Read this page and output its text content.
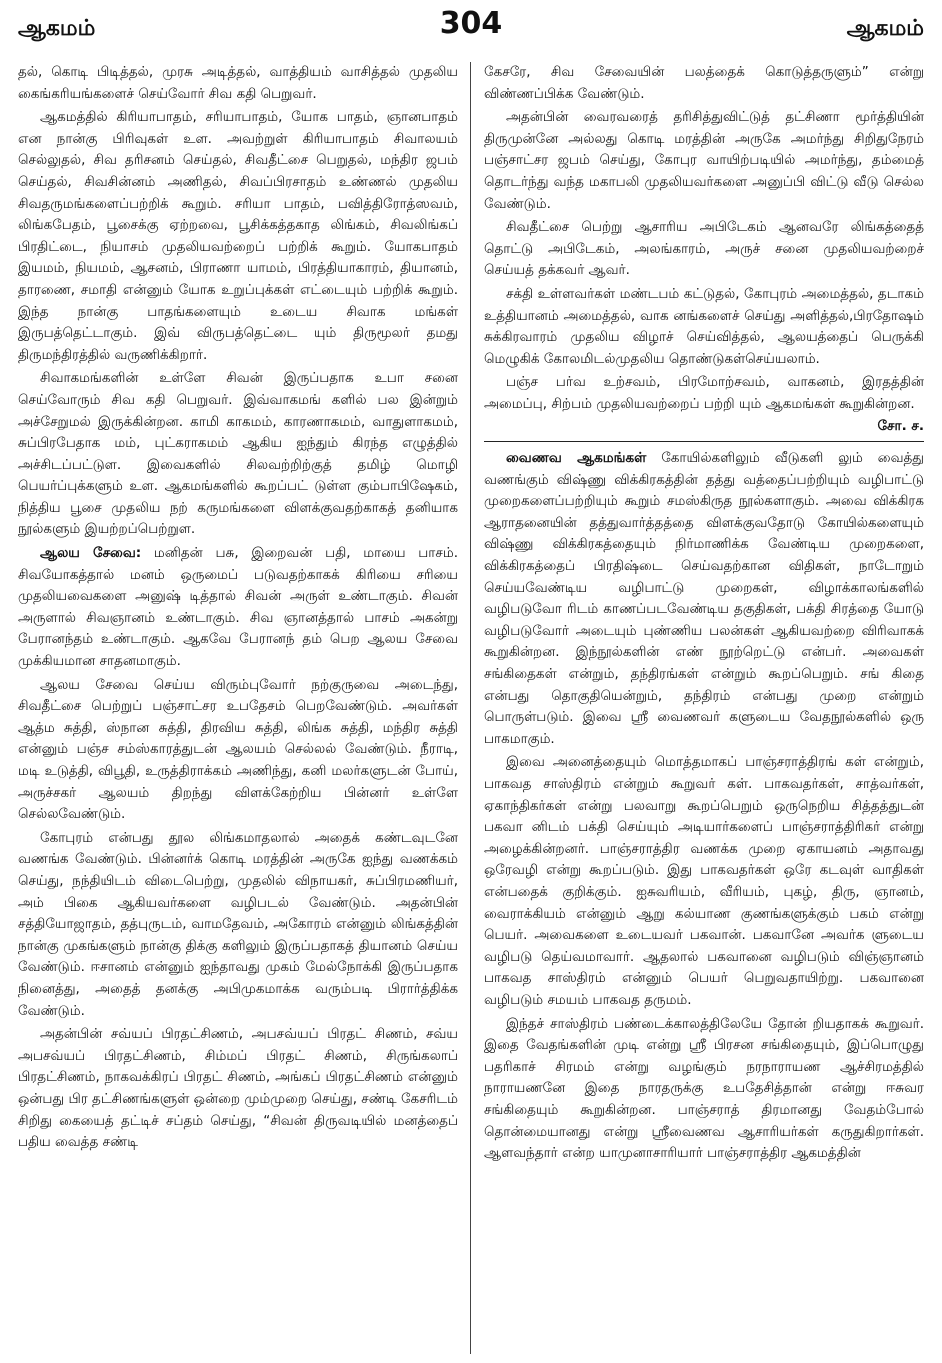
ஆகமம்	304	ஆகமம்

தல், கொடி பிடித்தல், முரசு அடித்தல், வாத்தியம் வாசித்தல் முதலிய கைங்கரியங்களைச் செய்வோர் சிவ கதி பெறுவர்.

ஆகமத்தில் கிரியாபாதம், சரியாபாதம், யோக பாதம், ஞானபாதம் என நான்கு பிரிவுகள் உள. அவற்றுள் கிரியாபாதம் சிவாலயம் செல்லுதல், சிவ தரிசனம் செய்தல், சிவதீட்சை பெறுதல், மந்திர ஜபம் செய்தல், சிவசின்னம் அணிதல், சிவப்பிரசாதம் உண்ணல் முதலிய சிவதருமங்களைப்பற்றிக் கூறும். சரியா பாதம், பவித்திரோத்ஸவம், லிங்கபேதம், பூசைக்கு ஏற்றவை, பூசிக்கத்தகாத லிங்கம், சிவலிங்கப் பிரதிட்டை, நியாசம் முதலியவற்றைப் பற்றிக் கூறும். யோகபாதம் இயமம், நியமம், ஆசனம், பிராணா யாமம், பிரத்தியாகாரம், தியானம், தாரணை, சமாதி என்னும் யோக உறுப்புக்கள் எட்டையும் பற்றிக் கூறும். இந்த நான்கு பாதங்களையும் உடைய சிவாக மங்கள் இருபத்தெட்டாகும். இவ் விருபத்தெட்டை யும் திருமூலர் தமது திருமந்திரத்தில் வருணிக்கிறார்.

சிவாகமங்களின் உள்ளே சிவன் இருப்பதாக உபா சனை செய்வோரும் சிவ கதி பெறுவர். இவ்வாகமங் களில் பல இன்றும் அச்சேறுமல் இருக்கின்றன. காமி காகமம், காரணாகமம், வாதுளாகமம், சுப்பிரபேதாக மம், புட்கராகமம் ஆகிய ஐந்தும் கிரந்த எழுத்தில் அச்சிடப்பட்டுள. இவைகளில் சிலவற்றிற்குத் தமிழ் மொழி பெயர்ப்புக்களும் உள. ஆகமங்களில் கூறப்பட் டுள்ள கும்பாபிஷேகம், நித்திய பூசை முதலிய நற் கருமங்களை விளக்குவதற்காகத் தனியாக நூல்களும் இயற்றப்பெற்றுள.

ஆலய சேவை: மனிதன் பசு, இறைவன் பதி, மாயை பாசம். சிவயோகத்தால் மனம் ஒருமைப் படுவதற்காகக் கிரியை சரியை முதலியவைகளை அனுஷ் டித்தால் சிவன் அருள் உண்டாகும். சிவன் அருளால் சிவஞானம் உண்டாகும். சிவ ஞானத்தால் பாசம் அகன்று பேரானந்தம் உண்டாகும். ஆகவே பேரானந் தம் பெற ஆலய சேவை முக்கியமான சாதனமாகும்.

ஆலய சேவை செய்ய விரும்புவோர் நற்குருவை அடைந்து, சிவதீட்சை பெற்றுப் பஞ்சாட்சர உபதேசம் பெறவேண்டும். அவர்கள் ஆத்ம சுத்தி, ஸ்நான சுத்தி, திரவிய சுத்தி, லிங்க சுத்தி, மந்திர சுத்தி என்னும் பஞ்ச சம்ஸ்காரத்துடன் ஆலயம் செல்லல் வேண்டும். நீராடி, மடி உடுத்தி, விபூதி, உருத்திராக்கம் அணிந்து, கனி மலர்களுடன் போய், அருச்சகர் ஆலயம் திறந்து விளக்கேற்றிய பின்னர் உள்ளே செல்லவேண்டும்.

கோபுரம் என்பது தூல லிங்கமாதலால் அதைக் கண்டவுடனே வணங்க வேண்டும். பின்னர்க் கொடி மரத்தின் அருகே ஐந்து வணக்கம் செய்து, நந்தியிடம் விடைபெற்று, முதலில் விநாயகர், சுப்பிரமணியர், அம் பிகை ஆகியவர்களை வழிபடல் வேண்டும். அதன்பின் சத்தியோஜாதம், தத்புருடம், வாமதேவம், அகோரம் என்னும் லிங்கத்தின் நான்கு முகங்களும் நான்கு திக்கு களிலும் இருப்பதாகத் தியானம் செய்ய வேண்டும். ஈசானம் என்னும் ஐந்தாவது முகம் மேல்நோக்கி இருப்பதாக நினைத்து, அதைத் தனக்கு அபிமுகமாக்க வரும்படி பிரார்த்திக்க வேண்டும்.

அதன்பின் சவ்யப் பிரதட்சிணம், அபசவ்யப் பிரதட் சிணம், சவ்ய அபசவ்யப் பிரதட்சிணம், சிம்மப் பிரதட் சிணம், சிருங்கலாப் பிரதட்சிணம், நாகவக்கிரப் பிரதட் சிணம், அங்கப் பிரதட்சிணம் என்னும் ஒன்பது பிர தட்சிணங்களுள் ஒன்றை மும்முறை செய்து, சண்டி கேசரிடம் சிறிது கையைத் தட்டிச் சப்தம் செய்து, “சிவன் திருவடியில் மனத்தைப் பதிய வைத்த சண்டி

கேசரே, சிவ சேவையின் பலத்தைக் கொடுத்தருளும்” என்று விண்ணப்பிக்க வேண்டும்.

அதன்பின் வைரவரைத் தரிசித்துவிட்டுத் தட்சிணா மூர்த்தியின் திருமுன்னே அல்லது கொடி மரத்தின் அருகே அமர்ந்து சிறிதுநேரம் பஞ்சாட்சர ஜபம் செய்து, கோபுர வாயிற்படியில் அமர்ந்து, தம்மைத் தொடர்ந்து வந்த மகாபலி முதலியவர்களை அனுப்பி விட்டு வீடு செல்ல வேண்டும்.

சிவதீட்சை பெற்று ஆசாரிய அபிடேகம் ஆனவரே லிங்கத்தைத் தொட்டு அபிடேகம், அலங்காரம், அருச் சனை முதலியவற்றைச் செய்யத் தக்கவர் ஆவர்.

சக்தி உள்ளவர்கள் மண்டபம் கட்டுதல், கோபுரம் அமைத்தல், தடாகம் உத்தியானம் அமைத்தல், வாக னங்களைச் செய்து அளித்தல்,பிரதோஷம் சுக்கிரவாரம் முதலிய விழாச் செய்வித்தல், ஆலயத்தைப் பெருக்கி மெழுகிக் கோலமிடல்முதலிய தொண்டுகள்செய்யலாம்.

பஞ்ச பர்வ உற்சவம், பிரமோற்சவம், வாகனம், இரதத்தின் அமைப்பு, சிற்பம் முதலியவற்றைப் பற்றி யும் ஆகமங்கள் கூறுகின்றன.
சோ. ச.

வைணவ ஆகமங்கள் கோயில்களிலும் வீடுகளி லும் வைத்து வணங்கும் விஷ்ணு விக்கிரகத்தின் தத்து வத்தைப்பற்றியும் வழிபாட்டு முறைகளைப்பற்றியும் கூறும் சமஸ்கிருத நூல்களாகும். அவை விக்கிரக ஆராதனையின் தத்துவார்த்தத்தை விளக்குவதோடு கோயில்களையும் விஷ்ணு விக்கிரகத்தையும் நிர்மாணிக்க வேண்டிய முறைகளை, விக்கிரகத்தைப் பிரதிஷ்டை செய்வதற்கான விதிகள், நாடோறும் செய்யவேண்டிய வழிபாட்டு முறைகள், விழாக்காலங்களில் வழிபடுவோ ரிடம் காணப்படவேண்டிய தகுதிகள், பக்தி சிரத்தை யோடு வழிபடுவோர் அடையும் புண்ணிய பலன்கள் ஆகியவற்றை விரிவாகக் கூறுகின்றன. இந்நூல்களின் எண் நூற்றெட்டு என்பர். அவைகள் சங்கிதைகள் என்றும், தந்திரங்கள் என்றும் கூறப்பெறும். சங் கிதை என்பது தொகுதியென்றும், தந்திரம் என்பது முறை என்றும் பொருள்படும். இவை ஸ்ரீ வைணவர் களுடைய வேதநூல்களில் ஒரு பாகமாகும்.

இவை அனைத்தையும் மொத்தமாகப் பாஞ்சராத்திரங் கள் என்றும், பாகவத சாஸ்திரம் என்றும் கூறுவர் கள். பாகவதர்கள், சாத்வர்கள், ஏகாந்திகர்கள் என்று பலவாறு கூறப்பெறும் ஒருநெறிய சித்தத்துடன் பகவா னிடம் பக்தி செய்யும் அடியார்களைப் பாஞ்சராத்திரிகர் என்று அழைக்கின்றனர். பாஞ்சராத்திர வணக்க முறை ஏகாயனம் அதாவது ஒரேவழி என்று கூறப்படும். இது பாகவதர்கள் ஒரே கடவுள் வாதிகள் என்பதைக் குறிக்கும். ஐசுவரியம், வீரியம், புகழ், திரு, ஞானம், வைராக்கியம் என்னும் ஆறு கல்யாண குணங்களுக்கும் பகம் என்று பெயர். அவைகளை உடையவர் பகவான். பகவானே அவர்க ளுடைய வழிபடு தெய்வமாவார். ஆதலால் பகவானை வழிபடும் விஞ்ஞானம் பாகவத சாஸ்திரம் என்னும் பெயர் பெறுவதாயிற்று. பகவானை வழிபடும் சமயம் பாகவத தருமம்.

இந்தச் சாஸ்திரம் பண்டைக்காலத்திலேயே தோன் றியதாகக் கூறுவர். இதை வேதங்களின் முடி என்று ஸ்ரீ பிரசன சங்கிதையும், இப்பொழுது பதரிகாச் சிரமம் என்று வழங்கும் நரநாராயண ஆச்சிரமத்தில் நாராயணனே இதை நாரதருக்கு உபதேசித்தான் என்று ஈசுவர சங்கிதையும் கூறுகின்றன. பாஞ்சராத் திரமானது வேதம்போல் தொன்மையானது என்று ஸ்ரீவைணவ ஆசாரியர்கள் கருதுகிறார்கள். ஆளவந்தார் என்ற யாமுனாசாரியார் பாஞ்சராத்திர ஆகமத்தின்
